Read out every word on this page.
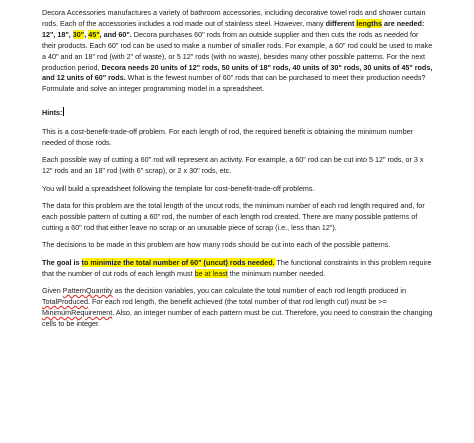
Decora Accessories manufactures a variety of bathroom accessories, including decorative towel rods and shower curtain rods. Each of the accessories includes a rod made out of stainless steel. However, many different lengths are needed: 12", 18", 30", 45", and 60". Decora purchases 60" rods from an outside supplier and then cuts the rods as needed for their products. Each 60" rod can be used to make a number of smaller rods. For example, a 60" rod could be used to make a 40" and an 18" rod (with 2" of waste), or 5 12" rods (with no waste), besides many other possible patterns. For the next production period, Decora needs 20 units of 12" rods, 50 units of 18" rods, 40 units of 30" rods, 30 units of 45" rods, and 12 units of 60" rods. What is the fewest number of 60" rods that can be purchased to meet their production needs? Formulate and solve an integer programming model in a spreadsheet.

Hints:

This is a cost-benefit-trade-off problem. For each length of rod, the required benefit is obtaining the minimum number needed of those rods.

Each possible way of cutting a 60" rod will represent an activity. For example, a 60" rod can be cut into 5 12" rods, or 3 x 12" rods and an 18" rod (with 6" scrap), or 2 x 30" rods, etc.

You will build a spreadsheet following the template for cost-benefit-trade-off problems.

The data for this problem are the total length of the uncut rods, the minimum number of each rod length required and, for each possible pattern of cutting a 60" rod, the number of each length rod created. There are many possible patterns of cutting a 60" rod that either leave no scrap or an unusable piece of scrap (i.e., less than 12").

The decisions to be made in this problem are how many rods should be cut into each of the possible patterns.

The goal is to minimize the total number of 60" (uncut) rods needed. The functional constraints in this problem require that the number of cut rods of each length must be at least the minimum number needed.

Given PatternQuantity as the decision variables, you can calculate the total number of each rod length produced in TotalProduced. For each rod length, the benefit achieved (the total number of that rod length cut) must be >= MinimumRequirement. Also, an integer number of each pattern must be cut. Therefore, you need to constrain the changing cells to be integer.
